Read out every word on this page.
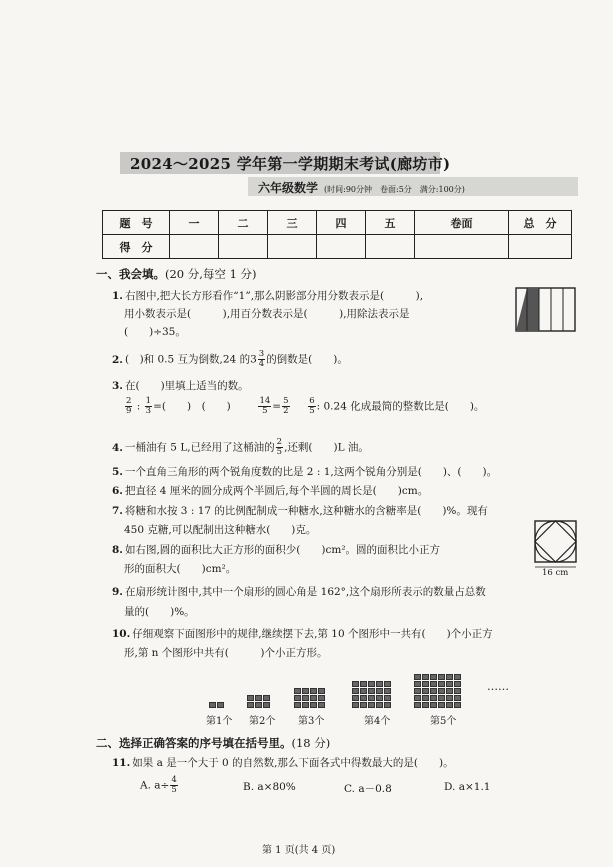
2024～2025 学年第一学期期末考试(廊坊市)
六年级数学 (时间:90分钟　卷面:5分　满分:100分)
题　号	一	二	三	四	五	卷面	总　分
得　分							
一、我会填。(20 分,每空 1 分)
1. 右图中,把大长方形看作“1”,那么阴影部分用分数表示是(　　　),
用小数表示是(　　　),用百分数表示是(　　　),用除法表示是
(　　)÷35。
2. (　)和 0.5 互为倒数,24 的$3 \frac{3}{4}$ 的倒数是(　　)。
3. 在(　　)里填上适当的数。
$\frac{2}{9}$ : $\frac{1}{3}$ =(　　)　(　　)	$\frac{14}{5} = \frac{5}{2}$
$\frac{6}{5}$ : 0.24 化成最简的整数比是(　　)。
4. 一桶油有 5 L,已经用了这桶油的 $\frac{2}{5}$ ,还剩(　　)L 油。
5. 一个直角三角形的两个锐角度数的比是 2 : 1,这两个锐角分别是(　　)、(　　)。
6. 把直径 4 厘米的圆分成两个半圆后,每个半圆的周长是(　　)cm。
7. 将糖和水按 3 : 17 的比例配制成一种糖水,这种糖水的含糖率是(　　)%。现有
450 克糖,可以配制出这种糖水(　　)克。
8. 如右图,圆的面积比大正方形的面积少(　　)cm²。圆的面积比小正方
形的面积大(　　)cm²。	16 cm
9. 在扇形统计图中,其中一个扇形的圆心角是 162°,这个扇形所表示的数量占总数
量的(　　)%。
10. 仔细观察下面图形中的规律,继续摆下去,第 10 个图形中一共有(　　)个小正方
形,第 n 个图形中共有(　　　)个小正方形。
第1个 第2个 第3个	第4个	第5个
……
二、选择正确答案的序号填在括号里。(18 分)
11. 如果 a 是一个大于 0 的自然数,那么下面各式中得数最大的是(　　)。
A. $a\div \frac{4}{5}$	B. a×80%	C. a－0.8	D. a×1.1
第 1 页(共 4 页)
